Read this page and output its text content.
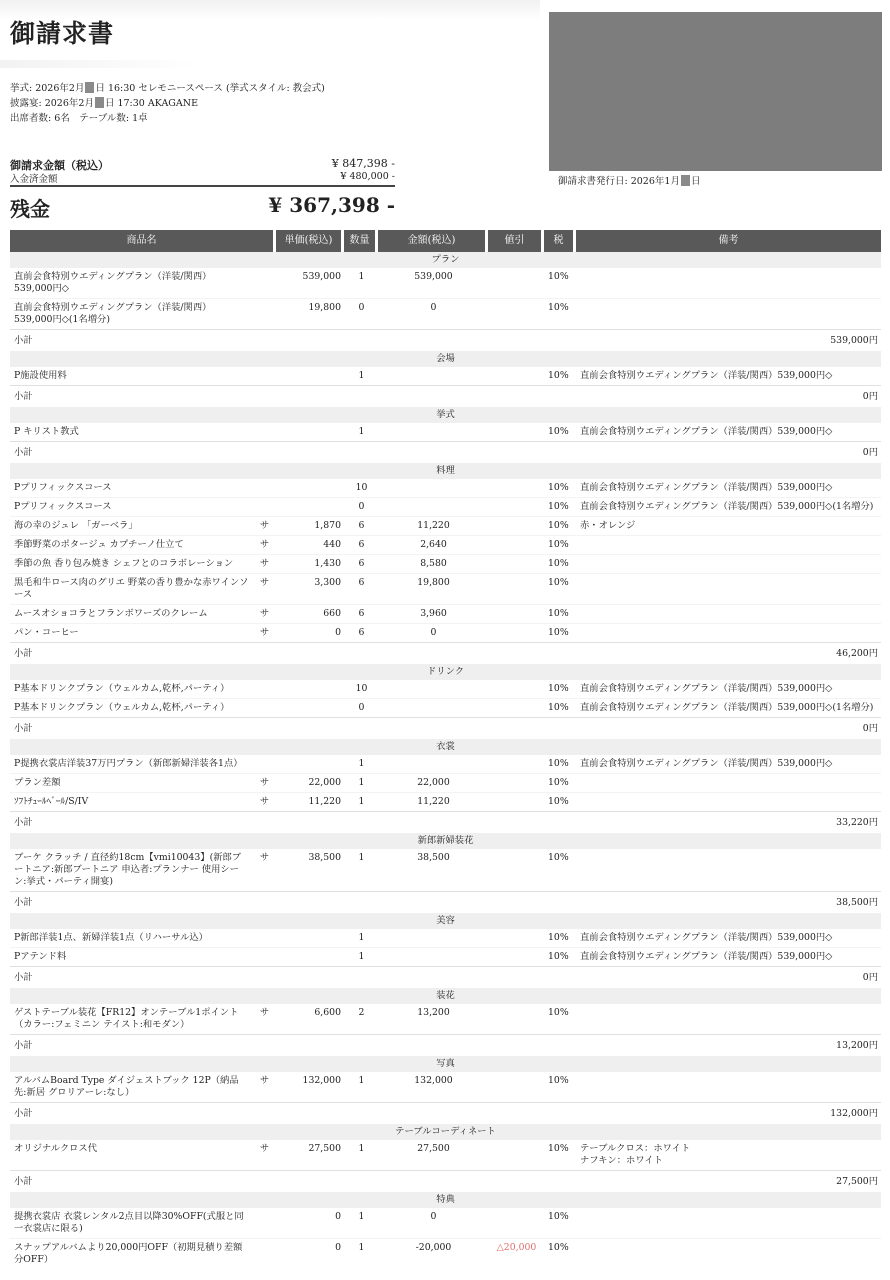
御請求書
挙式: 2026年2月 日 16:30 セレモニースペース (挙式スタイル: 教会式)
披露宴: 2026年2月 日 17:30 AKAGANE
出席者数: 6名　テーブル数: 1卓
御請求書発行日: 2026年1月 日
御請求金額（税込）	¥ 847,398 -
入金済金額	¥ 480,000 -
残金	¥ 367,398 -
商品名		単価(税込)	数量	金額(税込)	値引	税	備考
プラン							
直前会食特別ウエディングプラン（洋装/関西）539,000円◇		539,000	1	539,000		10%	
直前会食特別ウエディングプラン（洋装/関西）539,000円◇(1名増分)		19,800	0	0		10%	
小計		539,000円					
会場							
P施設使用料			1			10%	直前会食特別ウエディングプラン（洋装/関西）539,000円◇
小計		0円					
挙式							
P キリスト教式			1			10%	直前会食特別ウエディングプラン（洋装/関西）539,000円◇
小計		0円					
料理							
Pプリフィックスコース			10			10%	直前会食特別ウエディングプラン（洋装/関西）539,000円◇
Pプリフィックスコース			0			10%	直前会食特別ウエディングプラン（洋装/関西）539,000円◇(1名増分)
海の幸のジュレ 「ガーベラ」	サ	1,870	6	11,220		10%	赤・オレンジ
季節野菜のポタージュ カプチーノ仕立て	サ	440	6	2,640		10%	
季節の魚 香り包み焼き シェフとのコラボレーション	サ	1,430	6	8,580		10%	
黒毛和牛ロース肉のグリエ 野菜の香り豊かな赤ワインソース	サ	3,300	6	19,800		10%	
ムースオショコラとフランボワーズのクレーム	サ	660	6	3,960		10%	
パン・コーヒー	サ	0	6	0		10%	
小計		46,200円					
ドリンク							
P基本ドリンクプラン（ウェルカム,乾杯,パーティ）			10			10%	直前会食特別ウエディングプラン（洋装/関西）539,000円◇
P基本ドリンクプラン（ウェルカム,乾杯,パーティ）			0			10%	直前会食特別ウエディングプラン（洋装/関西）539,000円◇(1名増分)
小計		0円					
衣裳							
P提携衣裳店洋装37万円プラン（新郎新婦洋装各1点）			1			10%	直前会食特別ウエディングプラン（洋装/関西）539,000円◇
プラン差額	サ	22,000	1	22,000		10%	
ｿﾌﾄﾁｭｰﾙﾍﾞｰﾙ/S/IV	サ	11,220	1	11,220		10%	
小計		33,220円					
新郎新婦装花							
ブーケ クラッチ / 直径約18cm【vmi10043】(新郎ブートニア:新郎ブートニア 申込者:プランナー 使用シーン:挙式・パーティ開宴)	サ	38,500	1	38,500		10%	
小計		38,500円					
美容							
P新郎洋装1点、新婦洋装1点（リハーサル込）			1			10%	直前会食特別ウエディングプラン（洋装/関西）539,000円◇
Pアテンド料			1			10%	直前会食特別ウエディングプラン（洋装/関西）539,000円◇
小計		0円					
装花							
ゲストテーブル装花【FR12】オンテーブル1ポイント（カラー:フェミニン テイスト:和モダン）	サ	6,600	2	13,200		10%	
小計		13,200円					
写真							
アルバムBoard Type ダイジェストブック 12P（納品先:新居 グロリアーレ:なし）	サ	132,000	1	132,000		10%	
小計		132,000円					
テーブルコーディネート							
オリジナルクロス代	サ	27,500	1	27,500		10%	テーブルクロス：ホワイト
ナフキン：ホワイト
小計		27,500円					
特典							
提携衣裳店 衣裳レンタル2点目以降30%OFF(式服と同一衣裳店に限る)		0	1	0		10%	
スナップアルバムより20,000円OFF（初期見積り差額分OFF）		0	1	-20,000	△20,000	10%	
